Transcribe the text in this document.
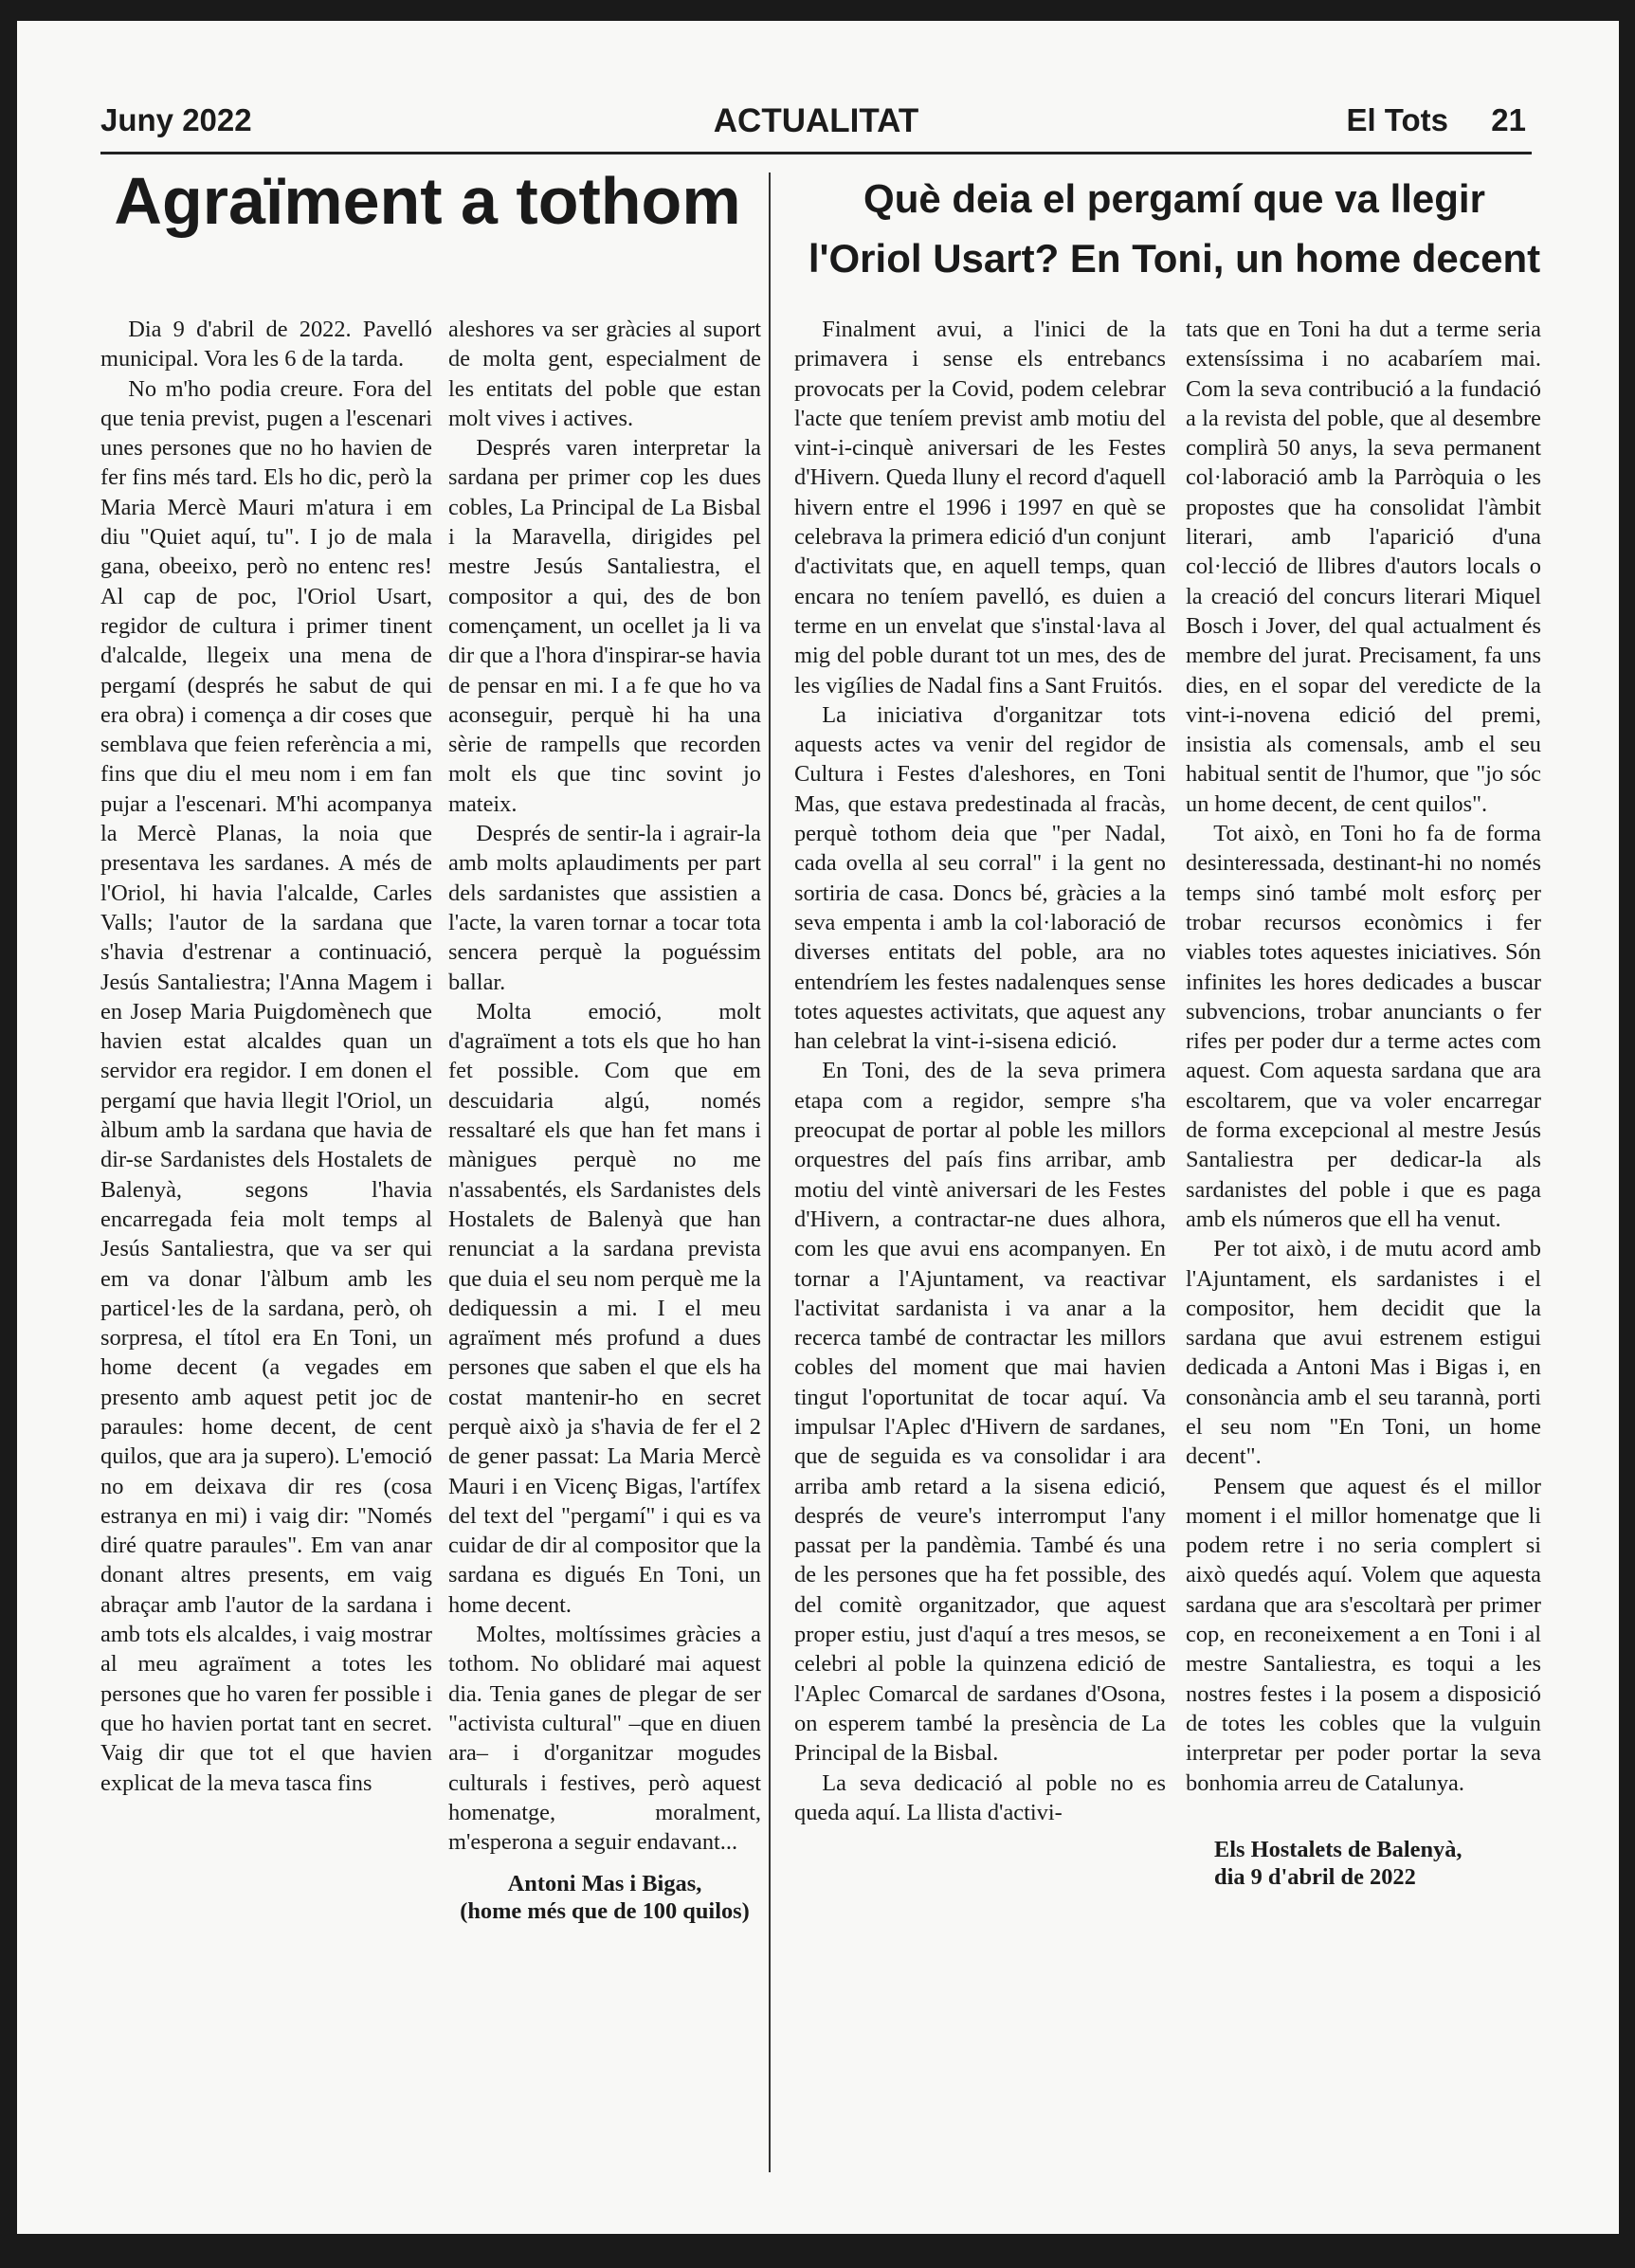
ACTUALITAT
Juny 2022	El Tots 21
Agraïment a tothom	Què deia el pergamí que va llegir
l'Oriol Usart? En Toni, un home decent

Dia 9 d'abril de 2022. Pavelló municipal. Vora les 6 de la tarda.

No m'ho podia creure. Fora del que tenia previst, pugen a l'escenari unes persones que no ho havien de fer fins més tard. Els ho dic, però la Maria Mercè Mauri m'atura i em diu "Quiet aquí, tu". I jo de mala gana, obeeixo, però no entenc res! Al cap de poc, l'Oriol Usart, regidor de cultura i primer tinent d'alcalde, llegeix una mena de pergamí (després he sabut de qui era obra) i comença a dir coses que semblava que feien referència a mi, fins que diu el meu nom i em fan pujar a l'escenari. M'hi acompanya la Mercè Planas, la noia que presentava les sardanes. A més de l'Oriol, hi havia l'alcalde, Carles Valls; l'autor de la sardana que s'havia d'estrenar a continuació, Jesús Santaliestra; l'Anna Magem i en Josep Maria Puigdomènech que havien estat alcaldes quan un servidor era regidor. I em donen el pergamí que havia llegit l'Oriol, un àlbum amb la sardana que havia de dir-se Sardanistes dels Hostalets de Balenyà, segons l'havia encarregada feia molt temps al Jesús Santaliestra, que va ser qui em va donar l'àlbum amb les particel·les de la sardana, però, oh sorpresa, el títol era En Toni, un home decent (a vegades em presento amb aquest petit joc de paraules: home decent, de cent quilos, que ara ja supero). L'emoció no em deixava dir res (cosa estranya en mi) i vaig dir: "Només diré quatre paraules". Em van anar donant altres presents, em vaig abraçar amb l'autor de la sardana i amb tots els alcaldes, i vaig mostrar al meu agraïment a totes les persones que ho varen fer possible i que ho havien portat tant en secret. Vaig dir que tot el que havien explicat de la meva tasca fins

aleshores va ser gràcies al suport de molta gent, especialment de les entitats del poble que estan molt vives i actives.

Després varen interpretar la sardana per primer cop les dues cobles, La Principal de La Bisbal i la Maravella, dirigides pel mestre Jesús Santaliestra, el compositor a qui, des de bon començament, un ocellet ja li va dir que a l'hora d'inspirar-se havia de pensar en mi. I a fe que ho va aconseguir, perquè hi ha una sèrie de rampells que recorden molt els que tinc sovint jo mateix.

Després de sentir-la i agrair-la amb molts aplaudiments per part dels sardanistes que assistien a l'acte, la varen tornar a tocar tota sencera perquè la poguéssim ballar.

Molta emoció, molt d'agraïment a tots els que ho han fet possible. Com que em descuidaria algú, només ressaltaré els que han fet mans i mànigues perquè no me n'assabentés, els Sardanistes dels Hostalets de Balenyà que han renunciat a la sardana prevista que duia el seu nom perquè me la dediquessin a mi. I el meu agraïment més profund a dues persones que saben el que els ha costat mantenir-ho en secret perquè això ja s'havia de fer el 2 de gener passat: La Maria Mercè Mauri i en Vicenç Bigas, l'artífex del text del "pergamí" i qui es va cuidar de dir al compositor que la sardana es digués En Toni, un home decent.

Moltes, moltíssimes gràcies a tothom. No oblidaré mai aquest dia. Tenia ganes de plegar de ser "activista cultural" –que en diuen ara– i d'organitzar mogudes culturals i festives, però aquest homenatge, moralment, m'esperona a seguir endavant...

Antoni Mas i Bigas,
(home més que de 100 quilos)

Finalment avui, a l'inici de la primavera i sense els entrebancs provocats per la Covid, podem celebrar l'acte que teníem previst amb motiu del vint-i-cinquè aniversari de les Festes d'Hivern. Queda lluny el record d'aquell hivern entre el 1996 i 1997 en què se celebrava la primera edició d'un conjunt d'activitats que, en aquell temps, quan encara no teníem pavelló, es duien a terme en un envelat que s'instal·lava al mig del poble durant tot un mes, des de les vigílies de Nadal fins a Sant Fruitós.

La iniciativa d'organitzar tots aquests actes va venir del regidor de Cultura i Festes d'aleshores, en Toni Mas, que estava predestinada al fracàs, perquè tothom deia que "per Nadal, cada ovella al seu corral" i la gent no sortiria de casa. Doncs bé, gràcies a la seva empenta i amb la col·laboració de diverses entitats del poble, ara no entendríem les festes nadalenques sense totes aquestes activitats, que aquest any han celebrat la vint-i-sisena edició.

En Toni, des de la seva primera etapa com a regidor, sempre s'ha preocupat de portar al poble les millors orquestres del país fins arribar, amb motiu del vintè aniversari de les Festes d'Hivern, a contractar-ne dues alhora, com les que avui ens acompanyen. En tornar a l'Ajuntament, va reactivar l'activitat sardanista i va anar a la recerca també de contractar les millors cobles del moment que mai havien tingut l'oportunitat de tocar aquí. Va impulsar l'Aplec d'Hivern de sardanes, que de seguida es va consolidar i ara arriba amb retard a la sisena edició, després de veure's interromput l'any passat per la pandèmia. També és una de les persones que ha fet possible, des del comitè organitzador, que aquest proper estiu, just d'aquí a tres mesos, se celebri al poble la quinzena edició de l'Aplec Comarcal de sardanes d'Osona, on esperem també la presència de La Principal de la Bisbal.

La seva dedicació al poble no es queda aquí. La llista d'activi-

tats que en Toni ha dut a terme seria extensíssima i no acabaríem mai. Com la seva contribució a la fundació a la revista del poble, que al desembre complirà 50 anys, la seva permanent col·laboració amb la Parròquia o les propostes que ha consolidat l'àmbit literari, amb l'aparició d'una col·lecció de llibres d'autors locals o la creació del concurs literari Miquel Bosch i Jover, del qual actualment és membre del jurat. Precisament, fa uns dies, en el sopar del veredicte de la vint-i-novena edició del premi, insistia als comensals, amb el seu habitual sentit de l'humor, que "jo sóc un home decent, de cent quilos".

Tot això, en Toni ho fa de forma desinteressada, destinant-hi no només temps sinó també molt esforç per trobar recursos econòmics i fer viables totes aquestes iniciatives. Són infinites les hores dedicades a buscar subvencions, trobar anunciants o fer rifes per poder dur a terme actes com aquest. Com aquesta sardana que ara escoltarem, que va voler encarregar de forma excepcional al mestre Jesús Santaliestra per dedicar-la als sardanistes del poble i que es paga amb els números que ell ha venut.

Per tot això, i de mutu acord amb l'Ajuntament, els sardanistes i el compositor, hem decidit que la sardana que avui estrenem estigui dedicada a Antoni Mas i Bigas i, en consonància amb el seu tarannà, porti el seu nom "En Toni, un home decent".

Pensem que aquest és el millor moment i el millor homenatge que li podem retre i no seria complert si això quedés aquí. Volem que aquesta sardana que ara s'escoltarà per primer cop, en reconeixement a en Toni i al mestre Santaliestra, es toqui a les nostres festes i la posem a disposició de totes les cobles que la vulguin interpretar per poder portar la seva bonhomia arreu de Catalunya.

Els Hostalets de Balenyà,
dia 9 d'abril de 2022
